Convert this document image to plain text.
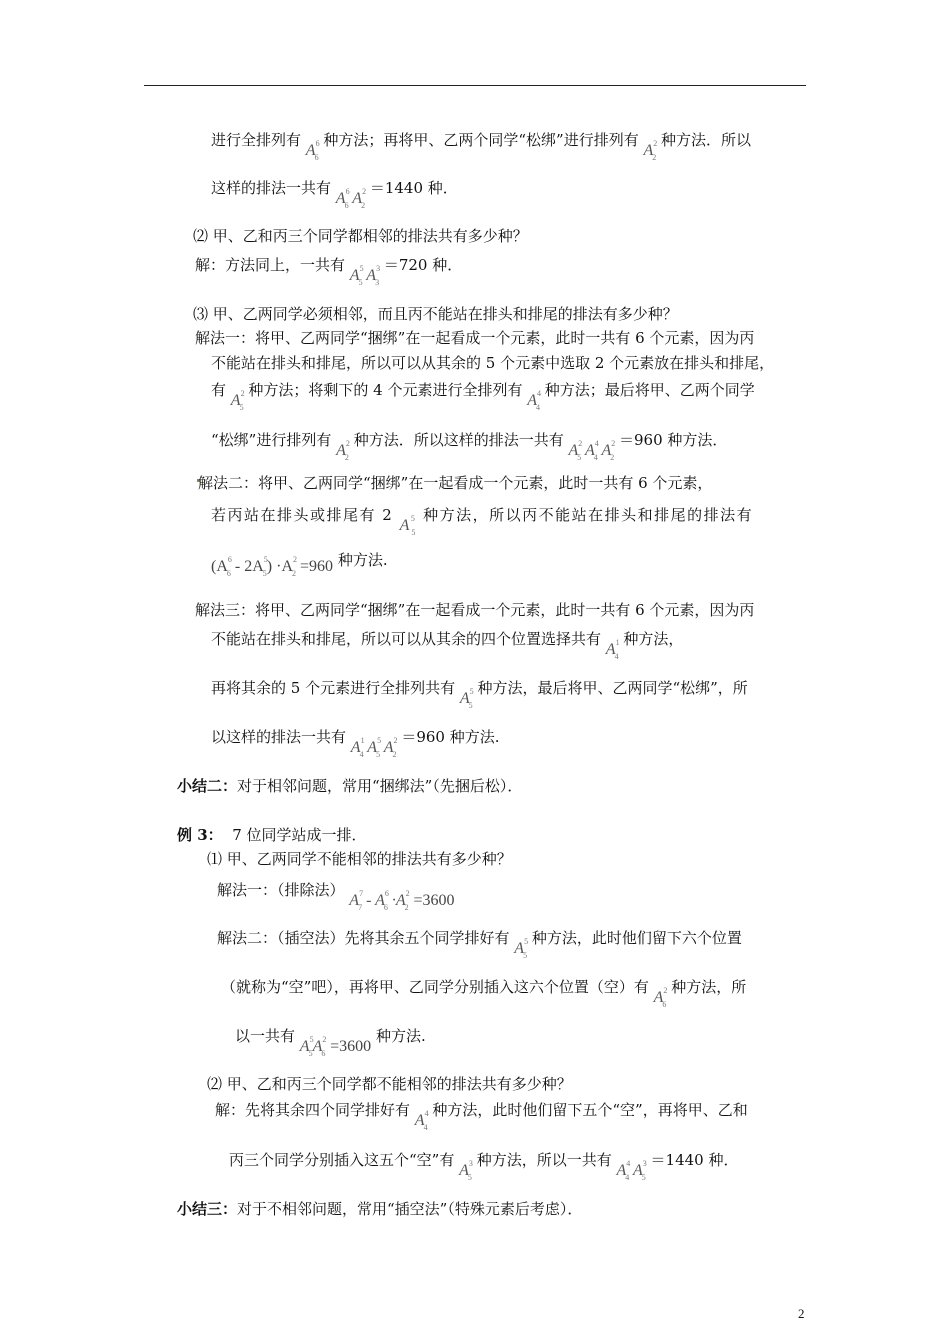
进行全排列有 $A^6_6$ 种方法；再将甲、乙两个同学“松绑”进行排列有 $A^2_2$ 种方法．所以
这样的排法一共有 $A^6_6$ $A^2_2 =1440$ 种．
⑵ 甲、乙和丙三个同学都相邻的排法共有多少种？
解：方法同上，一共有 $A^5_5$ $A^3_3 =720$ 种．
⑶ 甲、乙两同学必须相邻，而且丙不能站在排头和排尾的排法有多少种？
解法一：将甲、乙两同学“捆绑”在一起看成一个元素，此时一共有 6 个元素，因为丙
不能站在排头和排尾，所以可以从其余的 5 个元素中选取 2 个元素放在排头和排尾，
有 $A^2_5$ 种方法；将剩下的 4 个元素进行全排列有 $A^4_4$ 种方法；最后将甲、乙两个同学
“松绑”进行排列有 $A^2_2$ 种方法．所以这样的排法一共有 $A^2_5$ $A^4_4$ $A^2_2 =960$ 种方法．
解法二：将甲、乙两同学“捆绑”在一起看成一个元素，此时一共有 6 个元素，
若丙站在排头或排尾有 2 $A^5_5$ 种方法，所以丙不能站在排头和排尾的排法有
$(A^6_6 - 2A^5_5) \cdot A^2_2 =960$ 种方法.
解法三：将甲、乙两同学“捆绑”在一起看成一个元素，此时一共有 6 个元素，因为丙
不能站在排头和排尾，所以可以从其余的四个位置选择共有 $A^1_4$ 种方法，
再将其余的 5 个元素进行全排列共有 $A^5_5$ 种方法，最后将甲、乙两同学“松绑”，所
以这样的排法一共有 $A^1_4$ $A^5_5$ $A^2_2 =960$ 种方法.
小结二：对于相邻问题，常用“捆绑法”（先捆后松）．
例 3： 7 位同学站成一排．
⑴ 甲、乙两同学不能相邻的排法共有多少种？
解法一：（排除法） $A^7_7 - A^6_6 \cdot A^2_2 =3600$
解法二：（插空法）先将其余五个同学排好有 $A^5_5$ 种方法，此时他们留下六个位置
（就称为“空”吧），再将甲、乙同学分别插入这六个位置（空）有 $A^2_6$ 种方法，所
以一共有 $A^5_5A^2_6 =3600$ 种方法.
⑵ 甲、乙和丙三个同学都不能相邻的排法共有多少种？
解：先将其余四个同学排好有 $A^4_4$ 种方法，此时他们留下五个“空”，再将甲、乙和
丙三个同学分别插入这五个“空”有 $A^3_5$ 种方法，所以一共有 $A^4_4$ $A^3_5 =1440$ 种．
小结三：对于不相邻问题，常用“插空法”（特殊元素后考虑）．
2
